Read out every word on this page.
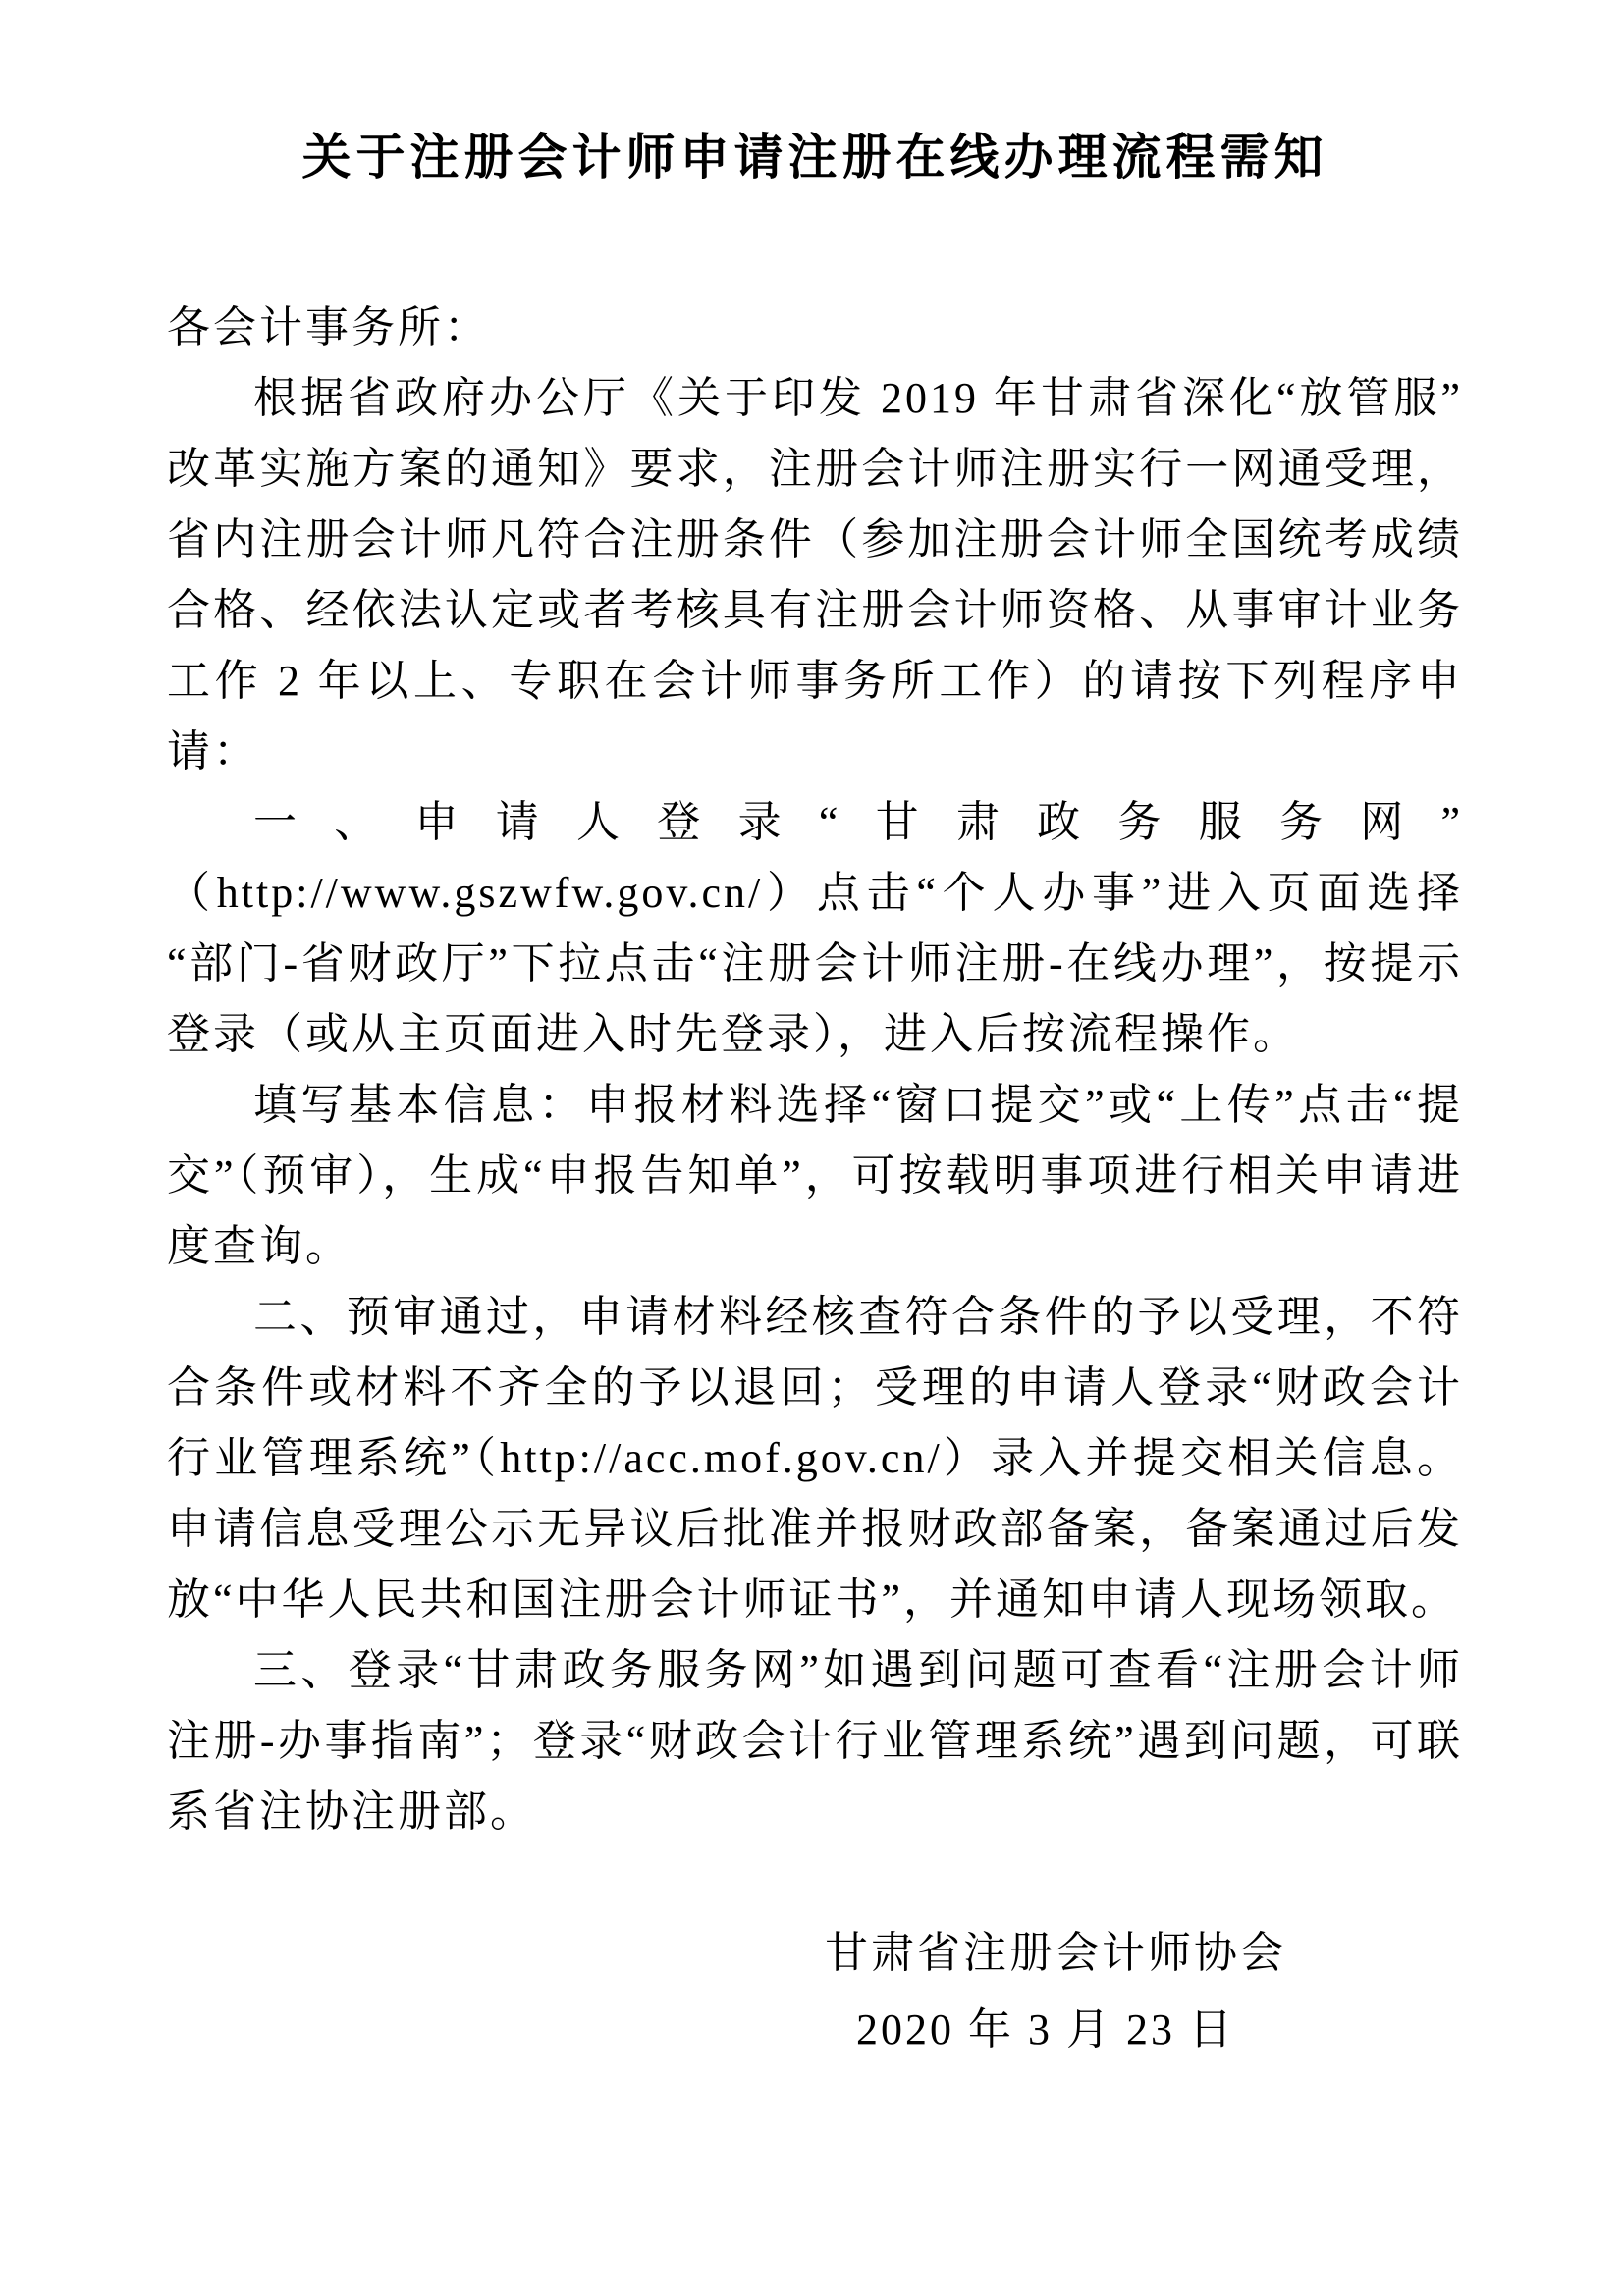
关于注册会计师申请注册在线办理流程需知

各会计事务所：

根据省政府办公厅《关于印发 2019 年甘肃省深化“放管服”改革实施方案的通知》要求，注册会计师注册实行一网通受理，省内注册会计师凡符合注册条件（参加注册会计师全国统考成绩合格、经依法认定或者考核具有注册会计师资格、从事审计业务工作 2 年以上、专职在会计师事务所工作）的请按下列程序申请：

一、申请人登录“甘肃政务服务网”（http://www.gszwfw.gov.cn/）点击“个人办事”进入页面选择“部门-省财政厅”下拉点击“注册会计师注册-在线办理”，按提示登录（或从主页面进入时先登录），进入后按流程操作。

填写基本信息：申报材料选择“窗口提交”或“上传”点击“提交”（预审），生成“申报告知单”，可按载明事项进行相关申请进度查询。

二、预审通过，申请材料经核查符合条件的予以受理，不符合条件或材料不齐全的予以退回；受理的申请人登录“财政会计行业管理系统”（http://acc.mof.gov.cn/）录入并提交相关信息。申请信息受理公示无异议后批准并报财政部备案，备案通过后发放“中华人民共和国注册会计师证书”，并通知申请人现场领取。

三、登录“甘肃政务服务网”如遇到问题可查看“注册会计师注册-办事指南”；登录“财政会计行业管理系统”遇到问题，可联系省注协注册部。

甘肃省注册会计师协会

2020 年 3 月 23 日
